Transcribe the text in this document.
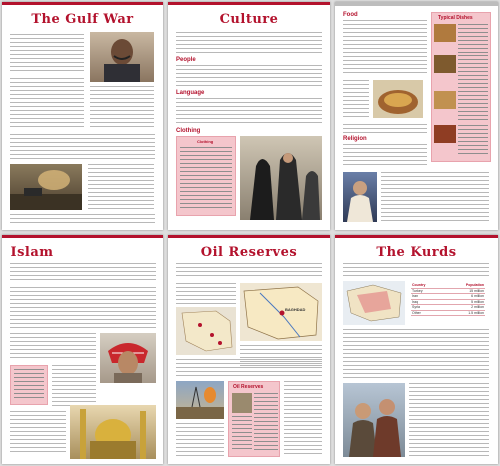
The Gulf War	Culture
People
Language
Clothing
Clothing
Food
Religion
Typical Dishes
Islam	Oil Reserves
BAGHDAD
Oil Reserves
The Kurds
Country	Population
Turkey	15 million
Iran	6 million
Iraq	5 million
Syria	2 million
Other	1.5 million
